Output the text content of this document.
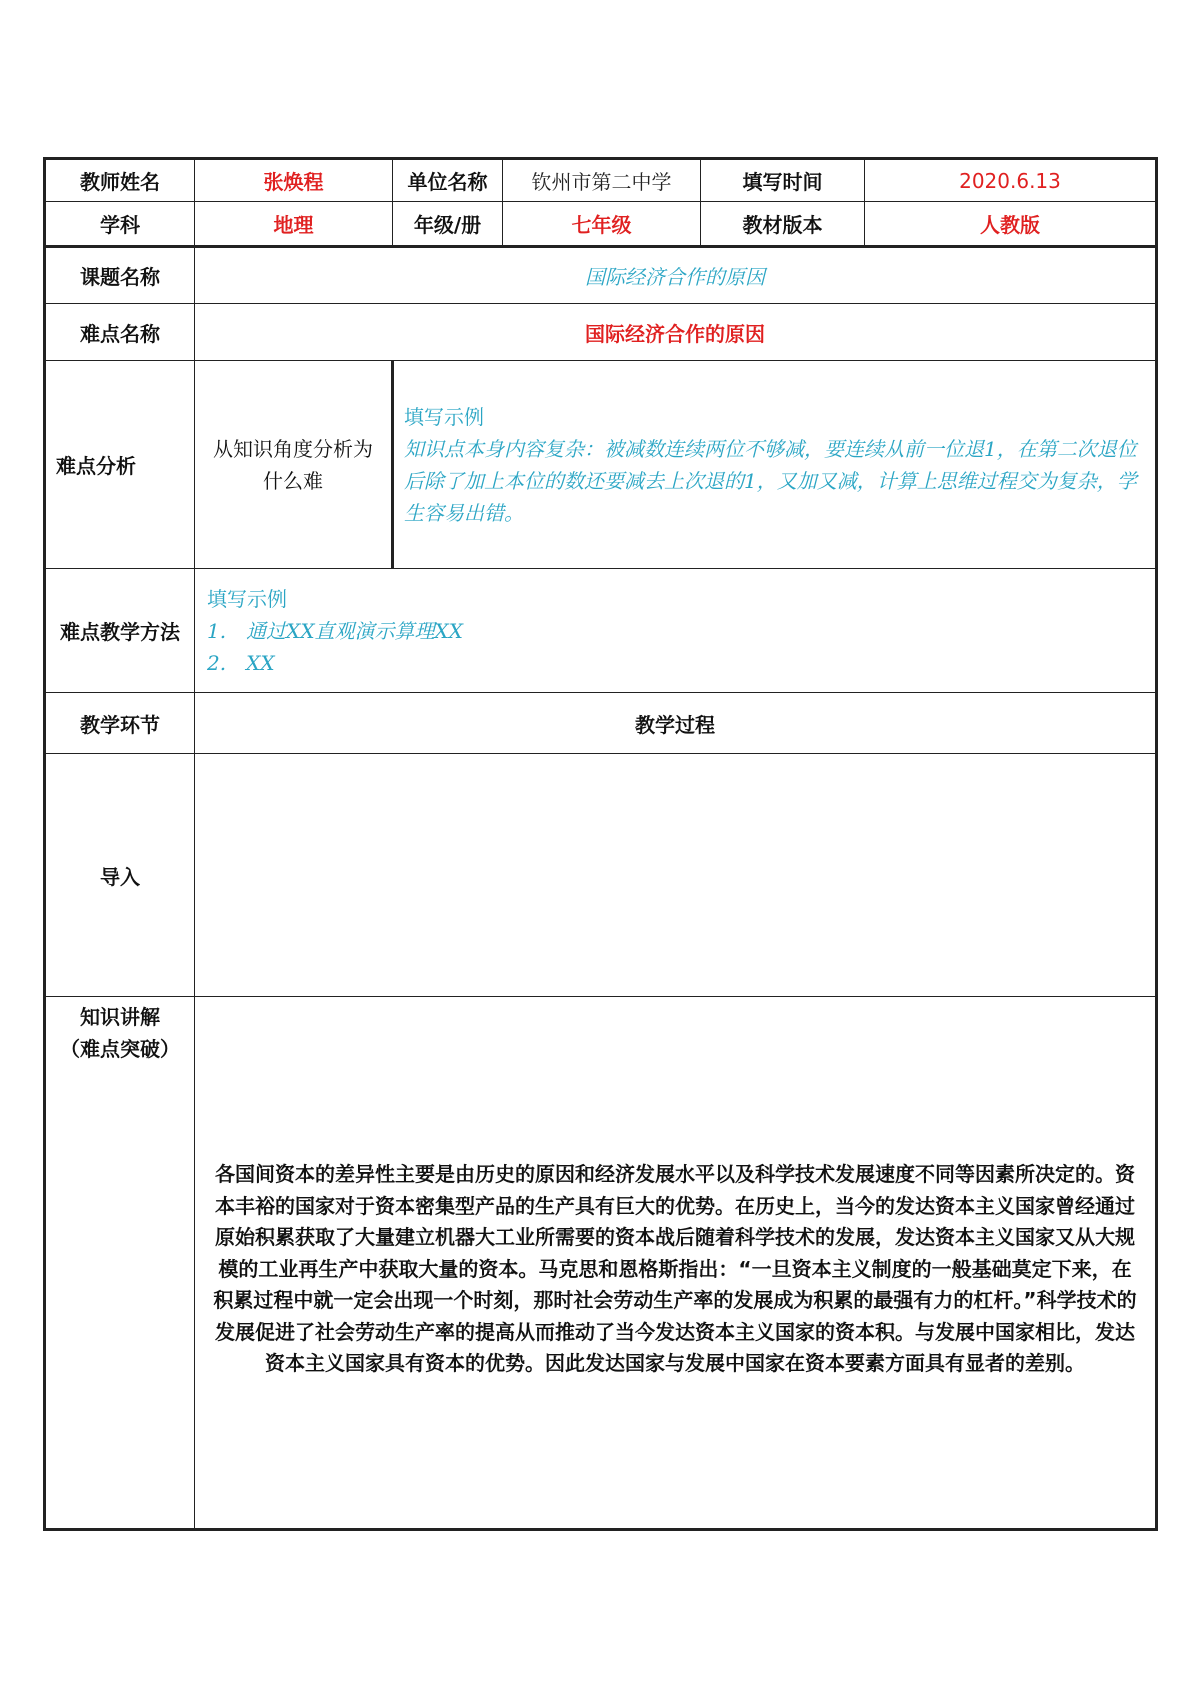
教师姓名	张焕程	单位名称	钦州市第二中学	填写时间	2020.6.13
学科	地理	年级/册	七年级	教材版本	人教版
课题名称	国际经济合作的原因				
难点名称	国际经济合作的原因				
难点分析	从知识角度分析为什么难	填写示例
知识点本身内容复杂：被减数连续两位不够减，要连续从前一位退1，在第二次退位后除了加上本位的数还要减去上次退的1，又加又减，计算上思维过程交为复杂，学生容易出错。			

难点教学方法	填写示例
1.　通过XX直观演示算理XX
2.　XX				

教学环节	教学过程				
导入					

知识讲解
（难点突破）	各国间资本的差异性主要是由历史的原因和经济发展水平以及科学技术发展速度不同等因素所决定的。资本丰裕的国家对于资本密集型产品的生产具有巨大的优势。在历史上，当今的发达资本主义国家曾经通过原始积累获取了大量建立机器大工业所需要的资本战后随着科学技术的发展，发达资本主义国家又从大规模的工业再生产中获取大量的资本。马克思和恩格斯指出：“一旦资本主义制度的一般基础莫定下来，在积累过程中就一定会出现一个时刻，那时社会劳动生产率的发展成为积累的最强有力的杠杆。”科学技术的发展促进了社会劳动生产率的提高从而推动了当今发达资本主义国家的资本积。与发展中国家相比，发达资本主义国家具有资本的优势。因此发达国家与发展中国家在资本要素方面具有显者的差别。				
